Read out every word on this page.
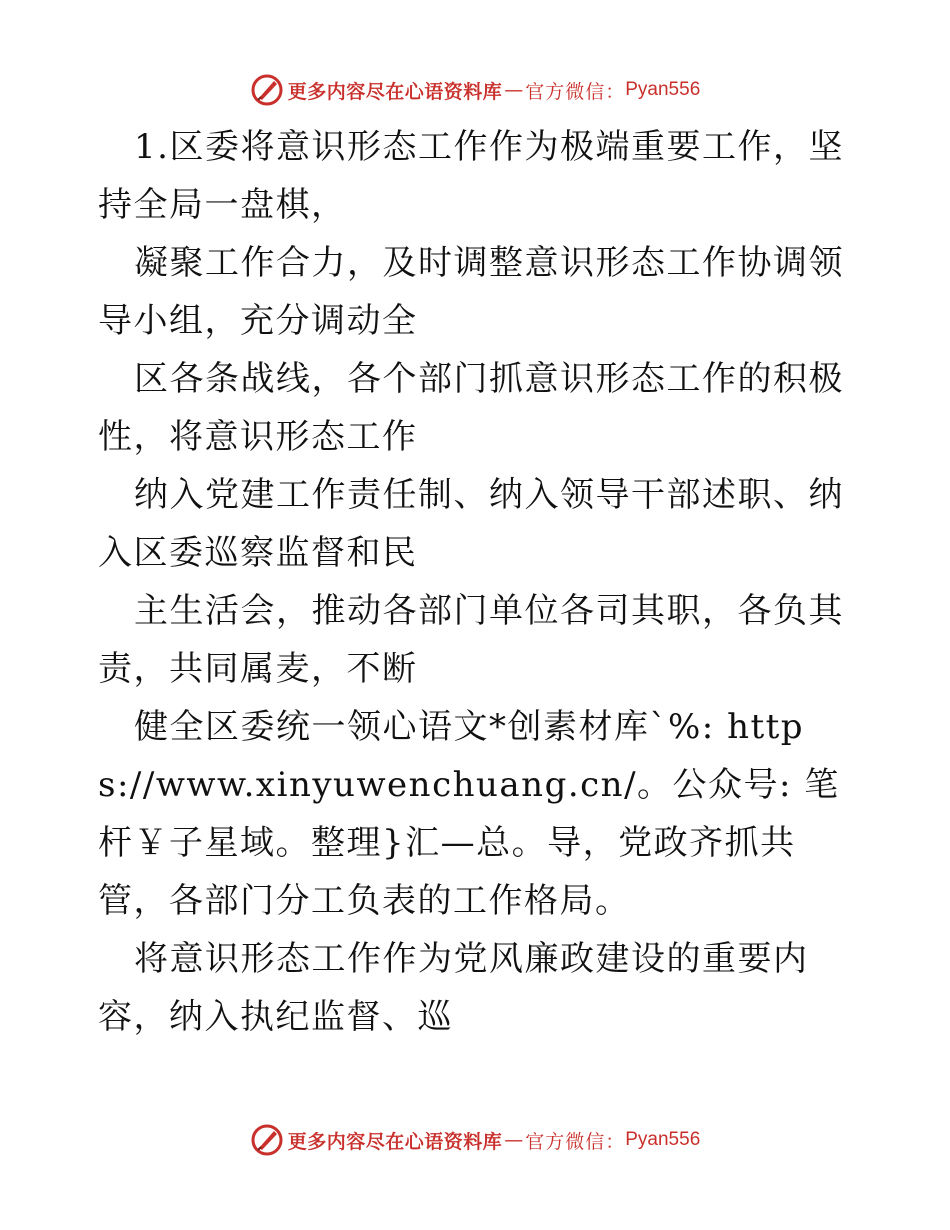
更多内容尽在心语资料库 — 官方微信： Pyan556

1.区委将意识形态工作作为极端重要工作，坚持全局一盘棋，

凝聚工作合力，及时调整意识形态工作协调领导小组，充分调动全

区各条战线，各个部门抓意识形态工作的积极性，将意识形态工作

纳入党建工作责任制、纳入领导干部述职、纳入区委巡察监督和民

主生活会，推动各部门单位各司其职，各负其责，共同属麦，不断

健全区委统一领心语文*创素材库`%: https://www.xinyuwenchuang.cn/。公众号: 笔杆￥子星域。整理}汇—总。导，党政齐抓共管，各部门分工负表的工作格局。

将意识形态工作作为党风廉政建设的重要内容，纳入执纪监督、巡

更多内容尽在心语资料库 — 官方微信： Pyan556
